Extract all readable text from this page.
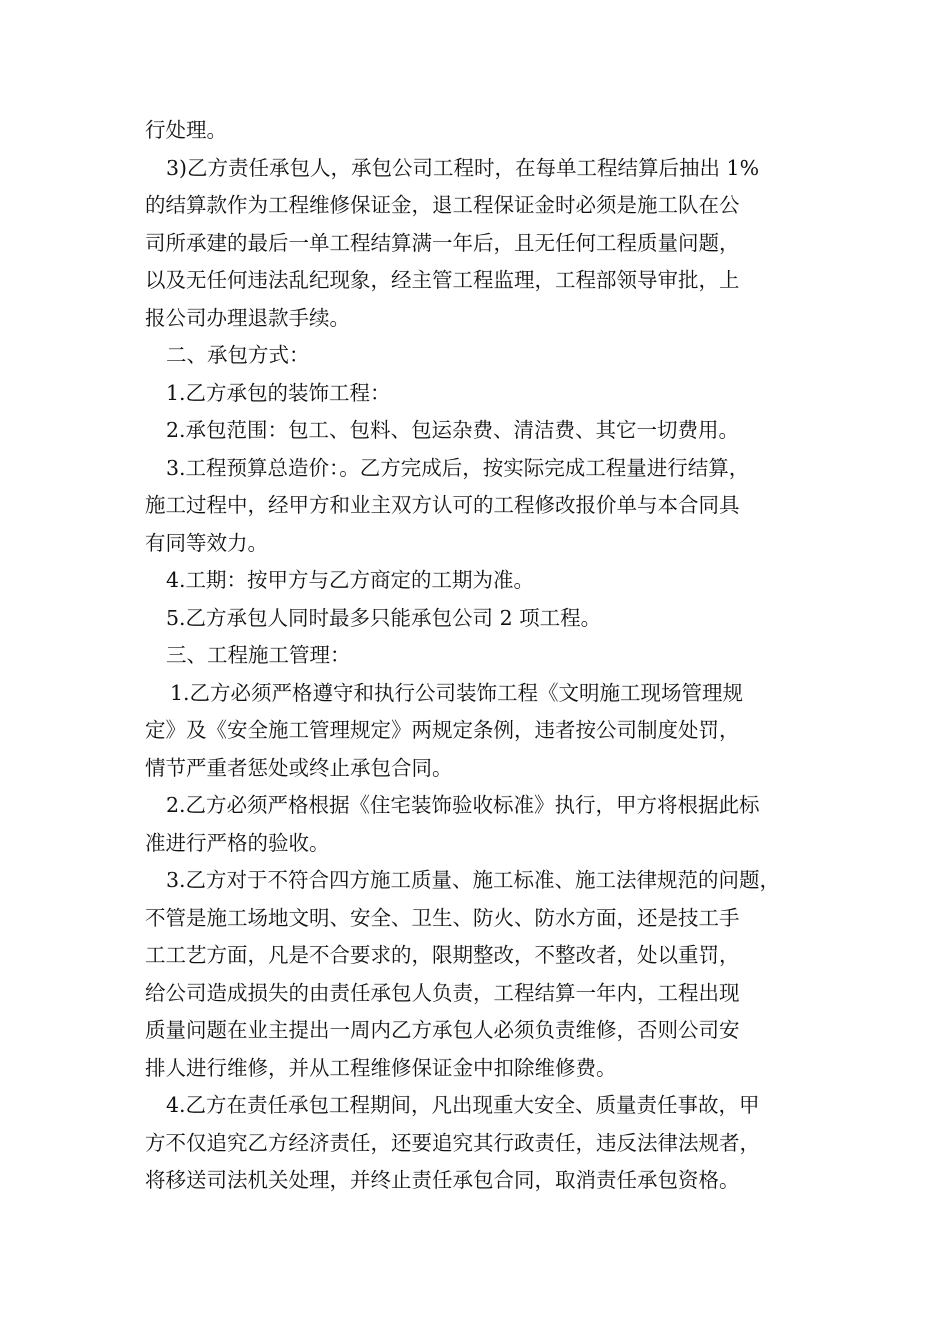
行处理。
3)乙方责任承包人，承包公司工程时，在每单工程结算后抽出 1%
的结算款作为工程维修保证金，退工程保证金时必须是施工队在公
司所承建的最后一单工程结算满一年后，且无任何工程质量问题，
以及无任何违法乱纪现象，经主管工程监理，工程部领导审批，上
报公司办理退款手续。
二、承包方式：
1.乙方承包的装饰工程：
2.承包范围：包工、包料、包运杂费、清洁费、其它一切费用。
3.工程预算总造价：。乙方完成后，按实际完成工程量进行结算，
施工过程中，经甲方和业主双方认可的工程修改报价单与本合同具
有同等效力。
4.工期：按甲方与乙方商定的工期为准。
5.乙方承包人同时最多只能承包公司 2 项工程。
三、工程施工管理：
1.乙方必须严格遵守和执行公司装饰工程《文明施工现场管理规
定》及《安全施工管理规定》两规定条例，违者按公司制度处罚，
情节严重者惩处或终止承包合同。
2.乙方必须严格根据《住宅装饰验收标准》执行，甲方将根据此标
准进行严格的验收。
3.乙方对于不符合四方施工质量、施工标准、施工法律规范的问题，
不管是施工场地文明、安全、卫生、防火、防水方面，还是技工手
工工艺方面，凡是不合要求的，限期整改，不整改者，处以重罚，
给公司造成损失的由责任承包人负责，工程结算一年内，工程出现
质量问题在业主提出一周内乙方承包人必须负责维修，否则公司安
排人进行维修，并从工程维修保证金中扣除维修费。
4.乙方在责任承包工程期间，凡出现重大安全、质量责任事故，甲
方不仅追究乙方经济责任，还要追究其行政责任，违反法律法规者，
将移送司法机关处理，并终止责任承包合同，取消责任承包资格。
